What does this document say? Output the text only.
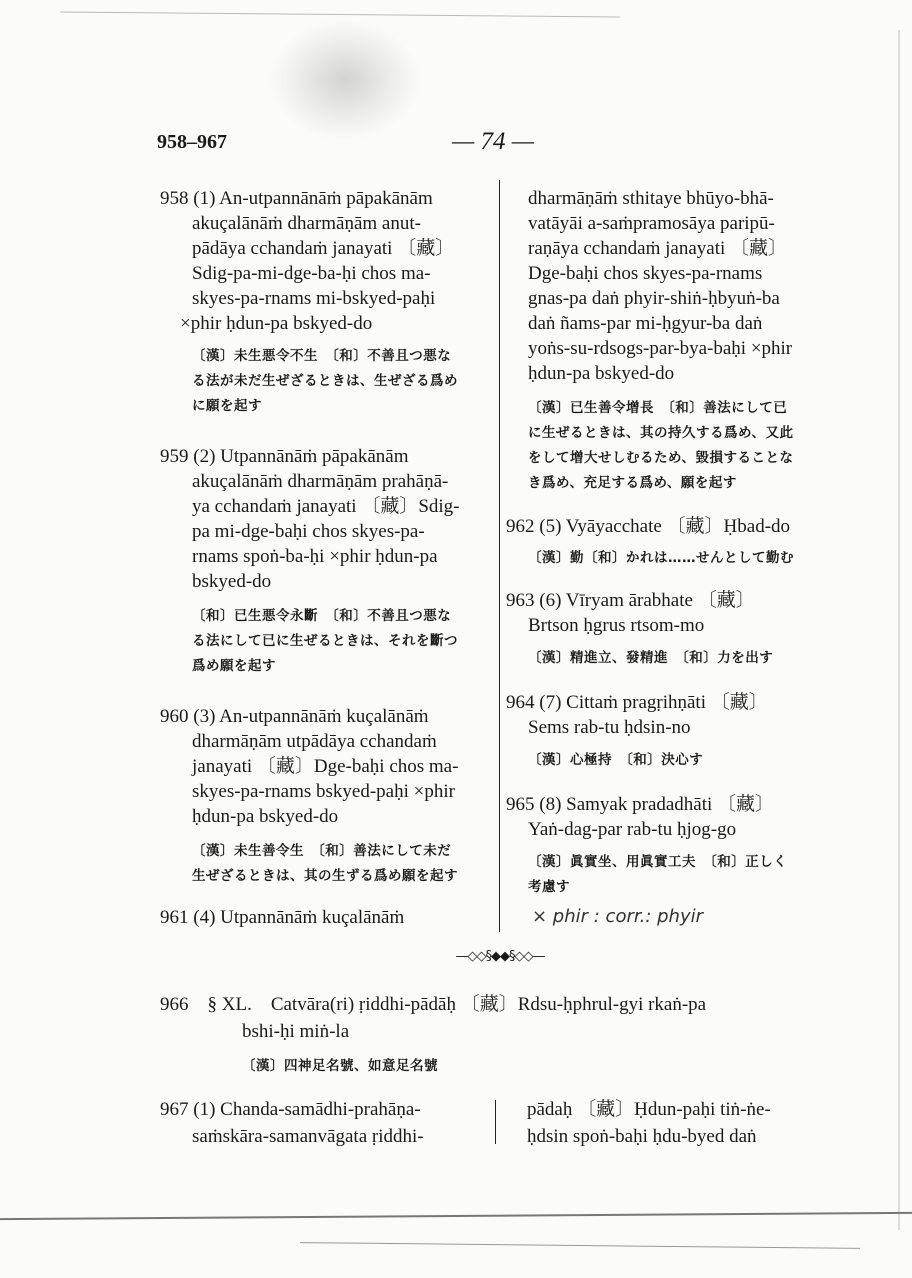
958–967	— 74 —
958 (1) An-utpannānāṁ pāpakānām
akuçalānāṁ dharmāṇām anut-
pādāya cchandaṁ janayati 〔藏〕
Sdig-pa-mi-dge-ba-ḥi chos ma-
skyes-pa-rnams mi-bskyed-paḥi
×phir ḥdun-pa bskyed-do
〔漢〕未生悪令不生　〔和〕不善且つ悪な
る法が未だ生ぜざるときは、生ぜざる爲め
に願を起す
959 (2) Utpannānāṁ pāpakānām
akuçalānāṁ dharmāṇām prahāṇā-
ya cchandaṁ janayati 〔藏〕Sdig-
pa mi-dge-baḥi chos skyes-pa-
rnams spoṅ-ba-ḥi ×phir ḥdun-pa
bskyed-do
〔和〕已生悪令永斷　〔和〕不善且つ悪な
る法にして已に生ぜるときは、それを斷つ
爲め願を起す
960 (3) An-utpannānāṁ kuçalānāṁ
dharmāṇām utpādāya cchandaṁ
janayati 〔藏〕Dge-baḥi chos ma-
skyes-pa-rnams bskyed-paḥi ×phir
ḥdun-pa bskyed-do
〔漢〕未生善令生　〔和〕善法にして未だ
生ぜざるときは、其の生ずる爲め願を起す
961 (4) Utpannānāṁ kuçalānāṁ
dharmāṇāṁ sthitaye bhūyo-bhā-
vatāyāi a-saṁpramosāya paripū-
raṇāya cchandaṁ janayati 〔藏〕
Dge-baḥi chos skyes-pa-rnams
gnas-pa daṅ phyir-shiṅ-ḥbyuṅ-ba
daṅ ñams-par mi-ḥgyur-ba daṅ
yoṅs-su-rdsogs-par-bya-baḥi ×phir
ḥdun-pa bskyed-do
〔漢〕已生善令增長　〔和〕善法にして已
に生ぜるときは、其の持久する爲め、又此
をして增大せしむるため、毀損することな
き爲め、充足する爲め、願を起す
962 (5) Vyāyacchate 〔藏〕Ḥbad-do
〔漢〕勤〔和〕かれは……せんとして勤む
963 (6) Vīryam ārabhate 〔藏〕
Brtson ḥgrus rtsom-mo
〔漢〕精進立、發精進　〔和〕力を出す
964 (7) Cittaṁ pragṛihṇāti 〔藏〕
Sems rab-tu ḥdsin-no
〔漢〕心極持　〔和〕決心す
965 (8) Samyak pradadhāti 〔藏〕
Yaṅ-dag-par rab-tu ḥjog-go
〔漢〕眞實坐、用眞實工夫　〔和〕正しく
考慮す
× phir : corr.: phyir
—◇◇§◆◆§◇◇—
966　§ XL.　Catvāra(ri) ṛiddhi-pādāḥ 〔藏〕Rdsu-ḥphrul-gyi rkaṅ-pa
bshi-ḥi miṅ-la
〔漢〕四神足名號、如意足名號
967 (1) Chanda-samādhi-prahāṇa-
saṁskāra-samanvāgata ṛiddhi-
pādaḥ 〔藏〕Ḥdun-paḥi tiṅ-ṅe-
ḥdsin spoṅ-baḥi ḥdu-byed daṅ
